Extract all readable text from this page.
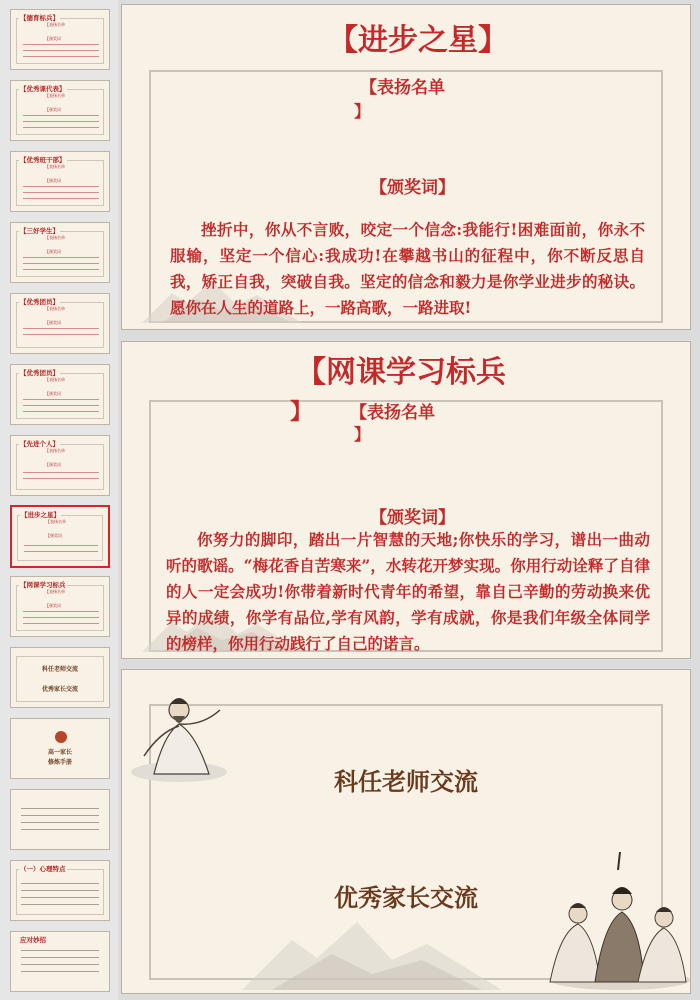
【德育标兵】
【表扬名单
【颁奖词
【优秀课代表】
【表扬名单
【颁奖词
【优秀班干部】
【表扬名单
【颁奖词
【三好学生】
【表扬名单
【颁奖词
【优秀团员】
【表扬名单
【颁奖词
【优秀团员】
【表扬名单
【颁奖词
【先进个人】
【表扬名单
【颁奖词
【进步之星】
【表扬名单
【颁奖词
【网课学习标兵
【表扬名单
【颁奖词
科任老师交流
优秀家长交流
高一家长
修炼手册
（一）心理特点
应对妙招
【进步之星】
【表扬名单
】
【颁奖词】
挫折中，你从不言败，咬定一个信念:我能行!困难面前，你永不服输，坚定一个信心:我成功!在攀越书山的征程中，你不断反思自我，矫正自我，突破自我。坚定的信念和毅力是你学业进步的秘诀。愿你在人生的道路上，一路高歌，一路进取!
【网课学习标兵
】 【表扬名单
】
【颁奖词】
你努力的脚印，踏出一片智慧的天地;你快乐的学习，谱出一曲动听的歌谣。“梅花香自苦寒来”，水转花开梦实现。你用行动诠释了自律的人一定会成功!你带着新时代青年的希望，靠自己辛勤的劳动换来优异的成绩，你学有品位,学有风韵，学有成就，你是我们年级全体同学的榜样，你用行动践行了自己的诺言。
科任老师交流
优秀家长交流
